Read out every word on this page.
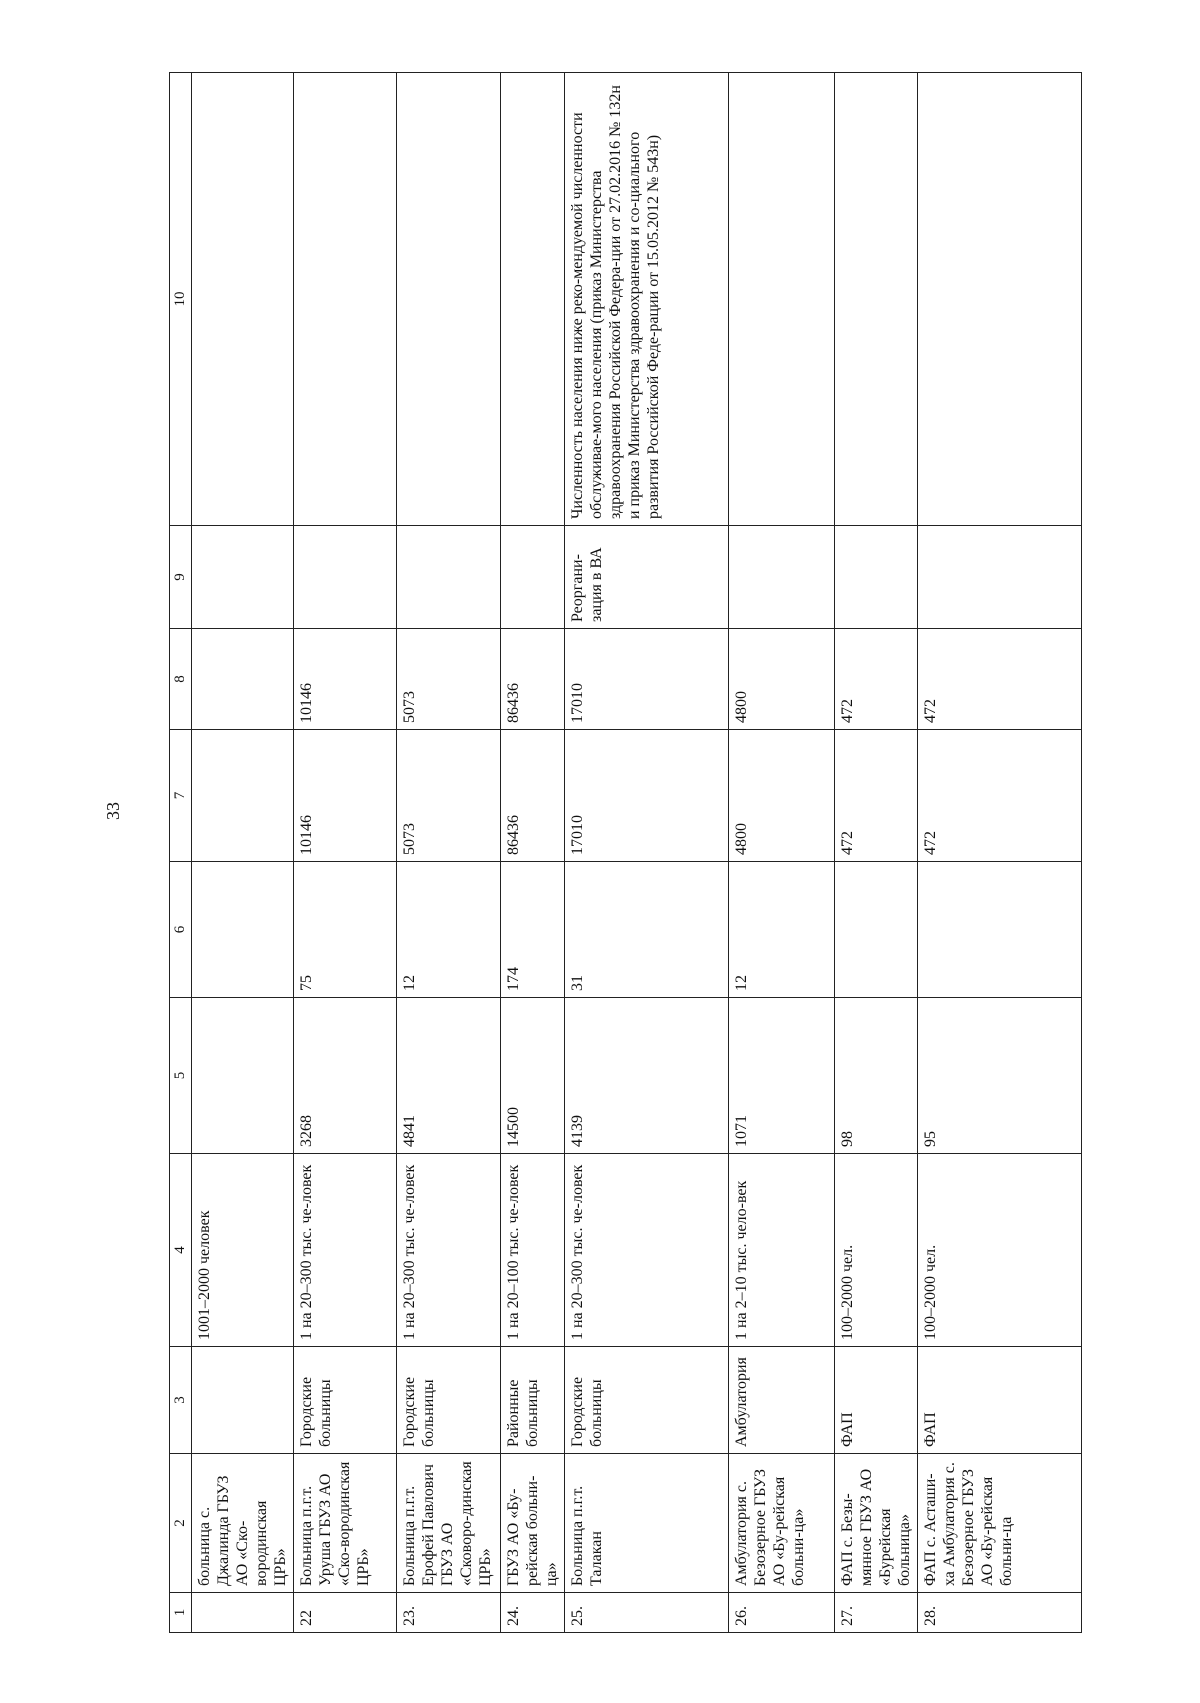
33
1	2	3	4	5	6	7	8	9	10
	больница с. Джалинда ГБУЗ АО «Ско-вородинская ЦРБ»		1001–2000 человек						
22	Больница п.г.т. Уруша ГБУЗ АО «Ско-вородинская ЦРБ»	Городские больницы	1 на 20–300 тыс. че-ловек	3268	75	10146	10146		
23.	Больница п.г.т. Ерофей Павлович ГБУЗ АО «Сковоро-динская ЦРБ»	Городские больницы	1 на 20–300 тыс. че-ловек	4841	12	5073	5073		
24.	ГБУЗ АО «Бу-рейская больни-ца»	Районные больницы	1 на 20–100 тыс. че-ловек	14500	174	86436	86436		
25.	Больница п.г.т. Талакан	Городские больницы	1 на 20–300 тыс. че-ловек	4139	31	17010	17010	Реоргани-зация в ВА	Численность населения ниже реко-мендуемой численности обслуживае-мого населения (приказ Министерства здравоохранения Российской Федера-ции от 27.02.2016 № 132н и приказ Министерства здравоохранения и со-циального развития Российской Феде-рации от 15.05.2012 № 543н)
26.	Амбулатория с. Безозерное ГБУЗ АО «Бу-рейская больни-ца»	Амбулатория	1 на 2–10 тыс. чело-век	1071	12	4800	4800		
27.	ФАП с. Безы-мянное ГБУЗ АО «Бурейская больница»	ФАП	100–2000 чел.	98		472	472		
28.	ФАП с. Асташи-ха Амбулатория с. Безозерное ГБУЗ АО «Бу-рейская больни-ца	ФАП	100–2000 чел.	95		472	472		
